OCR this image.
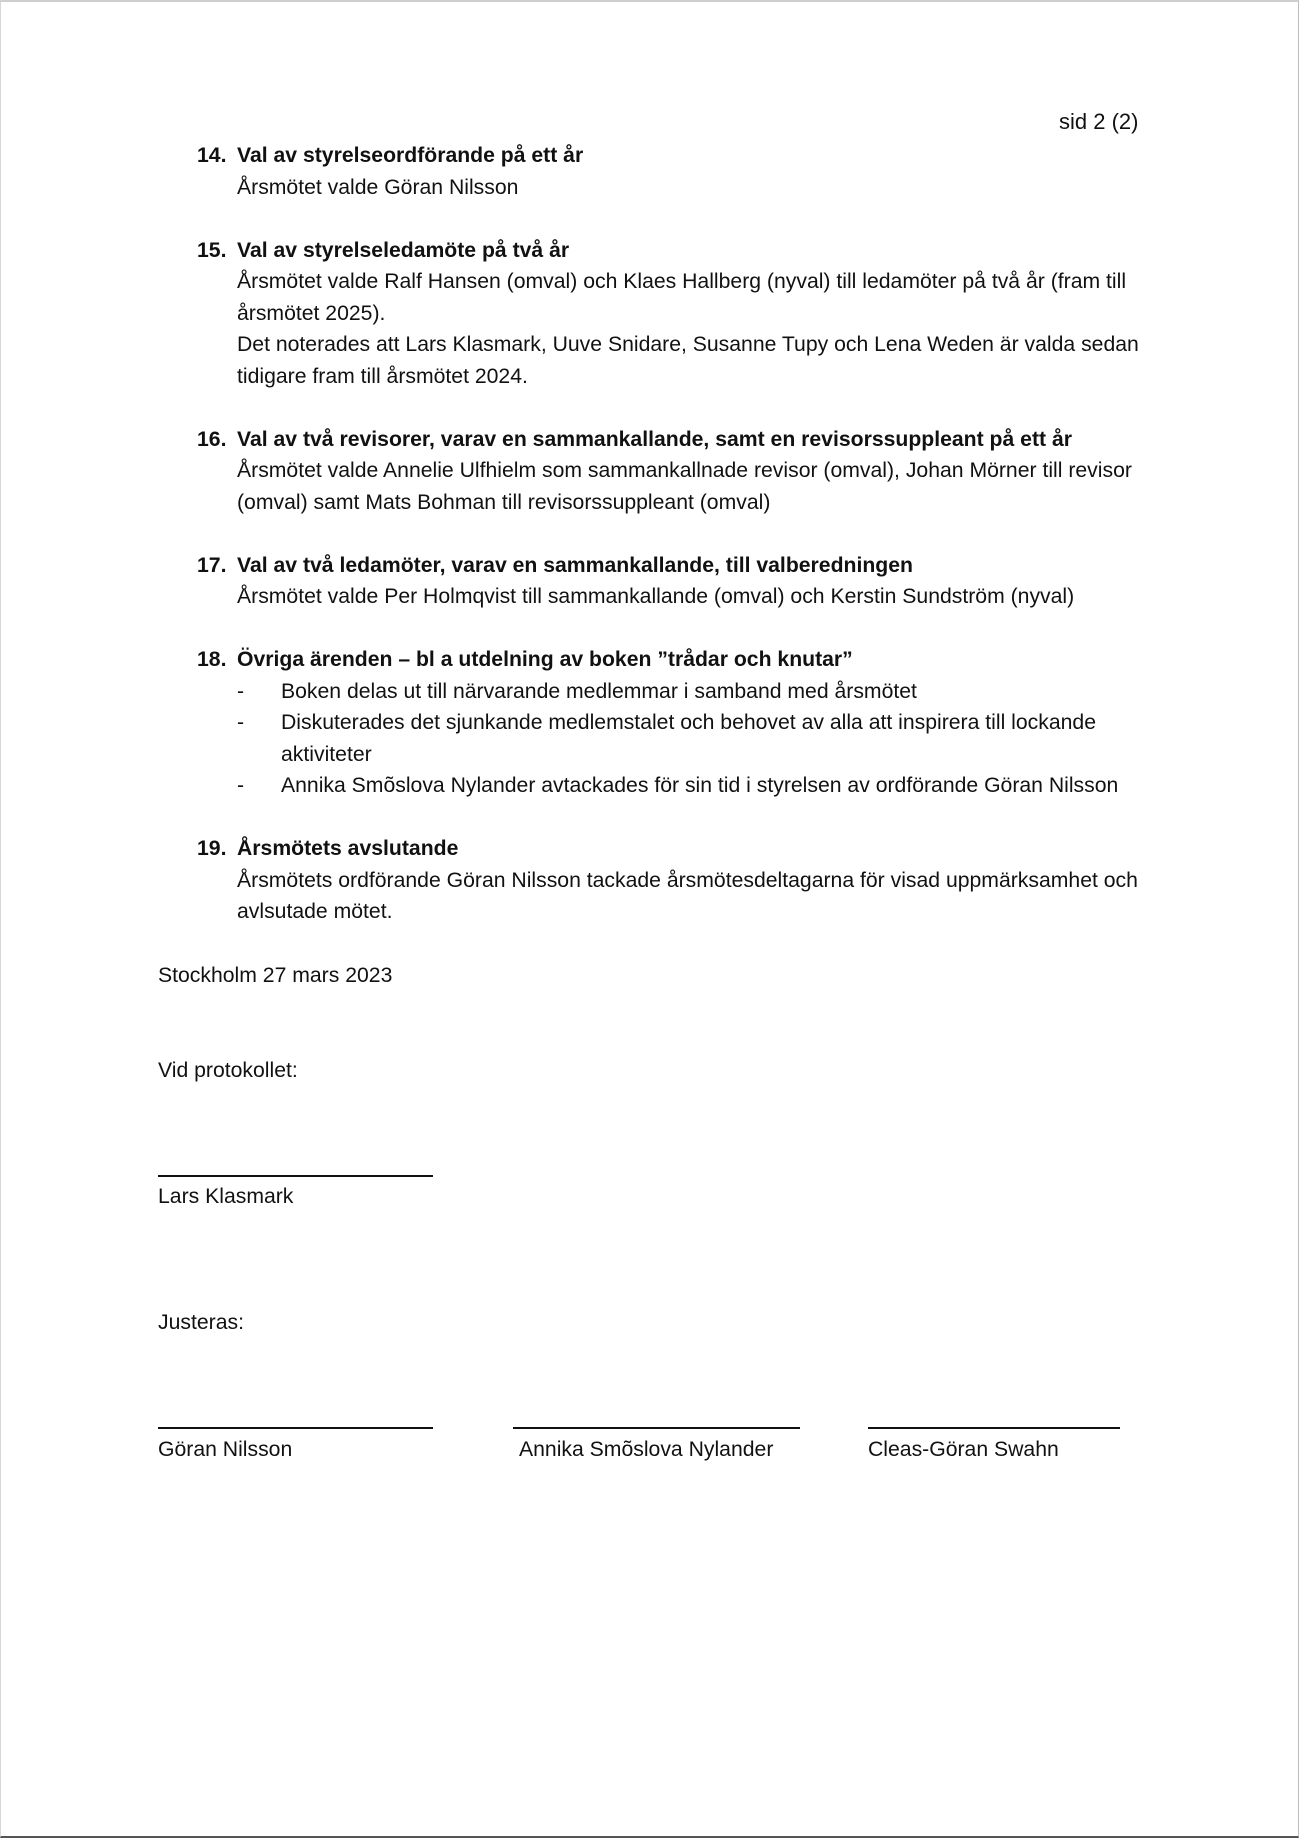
sid 2 (2)
14. Val av styrelseordförande på ett år

Årsmötet valde Göran Nilsson

15. Val av styrelseledamöte på två år

Årsmötet valde Ralf Hansen (omval) och Klaes Hallberg (nyval) till ledamöter på två år (fram till årsmötet 2025).

Det noterades att Lars Klasmark, Uuve Snidare, Susanne Tupy och Lena Weden är valda sedan tidigare fram till årsmötet 2024.

16. Val av två revisorer, varav en sammankallande, samt en revisorssuppleant på ett år

Årsmötet valde Annelie Ulfhielm som sammankallnade revisor (omval), Johan Mörner till revisor (omval) samt Mats Bohman till revisorssuppleant (omval)

17. Val av två ledamöter, varav en sammankallande, till valberedningen

Årsmötet valde Per Holmqvist till sammankallande (omval) och Kerstin Sundström (nyval)

18. Övriga ärenden – bl a utdelning av boken ”trådar och knutar”
- Boken delas ut till närvarande medlemmar i samband med årsmötet
- Diskuterades det sjunkande medlemstalet och behovet av alla att inspirera till lockande aktiviteter
- Annika Smõslova Nylander avtackades för sin tid i styrelsen av ordförande Göran Nilsson
19. Årsmötets avslutande

Årsmötets ordförande Göran Nilsson tackade årsmötesdeltagarna för visad uppmärksamhet och avlsutade mötet.

Stockholm 27 mars 2023
Vid protokollet:
Lars Klasmark
Justeras:
Göran Nilsson	Annika Smõslova Nylander	Cleas-Göran Swahn
